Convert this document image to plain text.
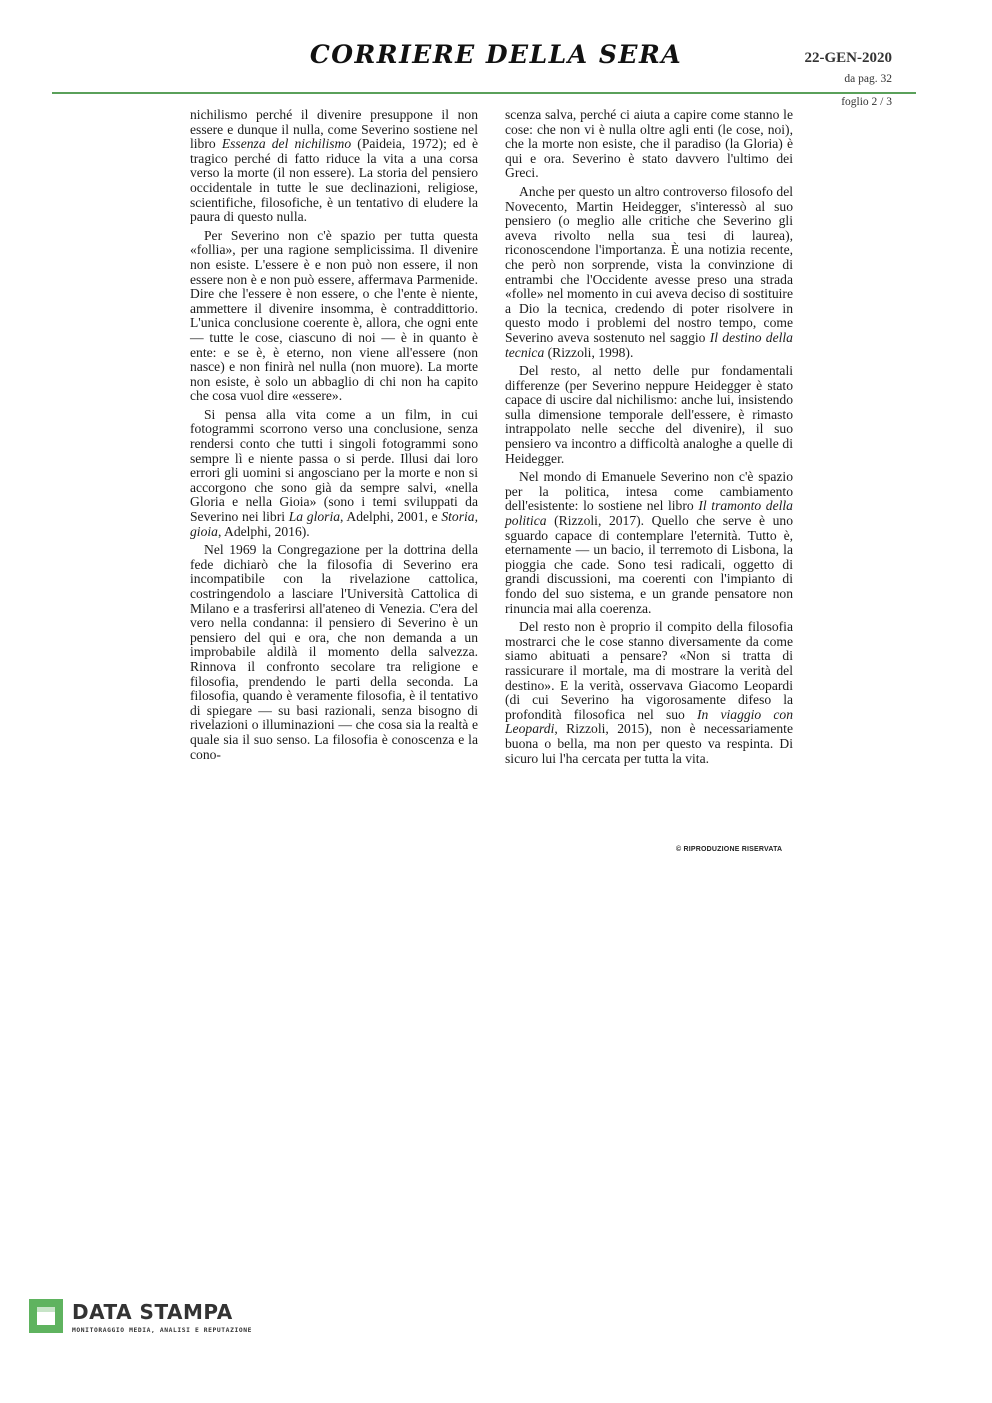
CORRIERE DELLA SERA	22-GEN-2020
da pag. 32
foglio 2 / 3

nichilismo perché il divenire presuppone il non essere e dunque il nulla, come Severino sostiene nel libro Essenza del nichilismo (Paideia, 1972); ed è tragico perché di fatto riduce la vita a una corsa verso la morte (il non essere). La storia del pensiero occidentale in tutte le sue declinazioni, religiose, scientifiche, filosofiche, è un tentativo di eludere la paura di questo nulla.

Per Severino non c'è spazio per tutta questa «follia», per una ragione semplicissima. Il divenire non esiste. L'essere è e non può non essere, il non essere non è e non può essere, affermava Parmenide. Dire che l'essere è non essere, o che l'ente è niente, ammettere il divenire insomma, è contraddittorio. L'unica conclusione coerente è, allora, che ogni ente — tutte le cose, ciascuno di noi — è in quanto è ente: e se è, è eterno, non viene all'essere (non nasce) e non finirà nel nulla (non muore). La morte non esiste, è solo un abbaglio di chi non ha capito che cosa vuol dire «essere».

Si pensa alla vita come a un film, in cui fotogrammi scorrono verso una conclusione, senza rendersi conto che tutti i singoli fotogrammi sono sempre lì e niente passa o si perde. Illusi dai loro errori gli uomini si angosciano per la morte e non si accorgono che sono già da sempre salvi, «nella Gloria e nella Gioia» (sono i temi sviluppati da Severino nei libri La gloria, Adelphi, 2001, e Storia, gioia, Adelphi, 2016).

Nel 1969 la Congregazione per la dottrina della fede dichiarò che la filosofia di Severino era incompatibile con la rivelazione cattolica, costringendolo a lasciare l'Università Cattolica di Milano e a trasferirsi all'ateneo di Venezia. C'era del vero nella condanna: il pensiero di Severino è un pensiero del qui e ora, che non demanda a un improbabile aldilà il momento della salvezza. Rinnova il confronto secolare tra religione e filosofia, prendendo le parti della seconda. La filosofia, quando è veramente filosofia, è il tentativo di spiegare — su basi razionali, senza bisogno di rivelazioni o illuminazioni — che cosa sia la realtà e quale sia il suo senso. La filosofia è conoscenza e la cono-

scenza salva, perché ci aiuta a capire come stanno le cose: che non vi è nulla oltre agli enti (le cose, noi), che la morte non esiste, che il paradiso (la Gloria) è qui e ora. Severino è stato davvero l'ultimo dei Greci.

Anche per questo un altro controverso filosofo del Novecento, Martin Heidegger, s'interessò al suo pensiero (o meglio alle critiche che Severino gli aveva rivolto nella sua tesi di laurea), riconoscendone l'importanza. È una notizia recente, che però non sorprende, vista la convinzione di entrambi che l'Occidente avesse preso una strada «folle» nel momento in cui aveva deciso di sostituire a Dio la tecnica, credendo di poter risolvere in questo modo i problemi del nostro tempo, come Severino aveva sostenuto nel saggio Il destino della tecnica (Rizzoli, 1998).

Del resto, al netto delle pur fondamentali differenze (per Severino neppure Heidegger è stato capace di uscire dal nichilismo: anche lui, insistendo sulla dimensione temporale dell'essere, è rimasto intrappolato nelle secche del divenire), il suo pensiero va incontro a difficoltà analoghe a quelle di Heidegger.

Nel mondo di Emanuele Severino non c'è spazio per la politica, intesa come cambiamento dell'esistente: lo sostiene nel libro Il tramonto della politica (Rizzoli, 2017). Quello che serve è uno sguardo capace di contemplare l'eternità. Tutto è, eternamente — un bacio, il terremoto di Lisbona, la pioggia che cade. Sono tesi radicali, oggetto di grandi discussioni, ma coerenti con l'impianto di fondo del suo sistema, e un grande pensatore non rinuncia mai alla coerenza.

Del resto non è proprio il compito della filosofia mostrarci che le cose stanno diversamente da come siamo abituati a pensare? «Non si tratta di rassicurare il mortale, ma di mostrare la verità del destino». E la verità, osservava Giacomo Leopardi (di cui Severino ha vigorosamente difeso la profondità filosofica nel suo In viaggio con Leopardi, Rizzoli, 2015), non è necessariamente buona o bella, ma non per questo va respinta. Di sicuro lui l'ha cercata per tutta la vita.

© RIPRODUZIONE RISERVATA
DATA STAMPA
MONITORAGGIO MEDIA, ANALISI E REPUTAZIONE
